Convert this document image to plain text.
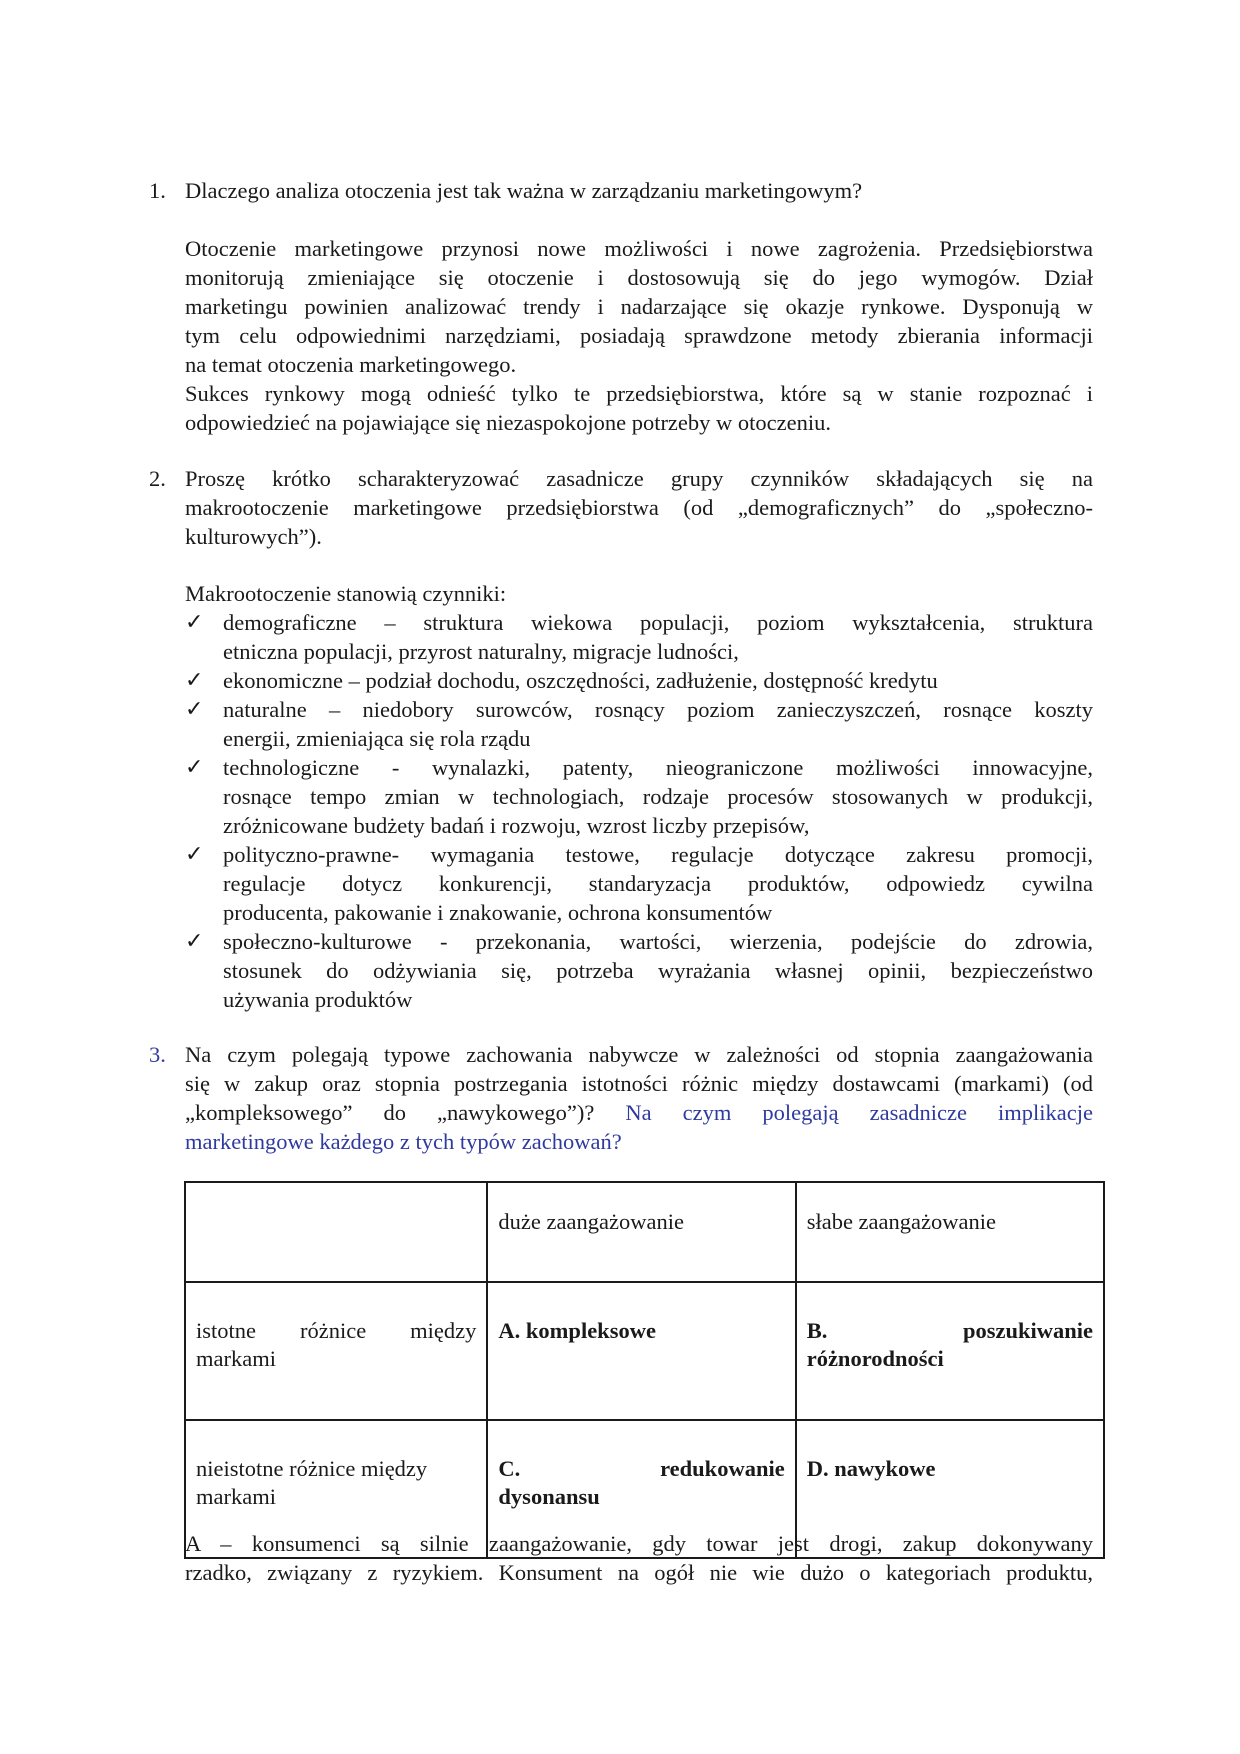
1. Dlaczego analiza otoczenia jest tak ważna w zarządzaniu marketingowym?
Otoczenie marketingowe przynosi nowe możliwości i nowe zagrożenia. Przedsiębiorstwa
monitorują zmieniające się otoczenie i dostosowują się do jego wymogów. Dział
marketingu powinien analizować trendy i nadarzające się okazje rynkowe. Dysponują w
tym celu odpowiednimi narzędziami, posiadają sprawdzone metody zbierania informacji
na temat otoczenia marketingowego.
Sukces rynkowy mogą odnieść tylko te przedsiębiorstwa, które są w stanie rozpoznać i
odpowiedzieć na pojawiające się niezaspokojone potrzeby w otoczeniu.
2. Proszę krótko scharakteryzować zasadnicze grupy czynników składających się na
makrootoczenie marketingowe przedsiębiorstwa (od „demograficznych” do „społeczno-
kulturowych”).
Makrootoczenie stanowią czynniki:
✓ demograficzne – struktura wiekowa populacji, poziom wykształcenia, struktura
etniczna populacji, przyrost naturalny, migracje ludności,
✓ ekonomiczne – podział dochodu, oszczędności, zadłużenie, dostępność kredytu
✓ naturalne – niedobory surowców, rosnący poziom zanieczyszczeń, rosnące koszty
energii, zmieniająca się rola rządu
✓ technologiczne - wynalazki, patenty, nieograniczone możliwości innowacyjne,
rosnące tempo zmian w technologiach, rodzaje procesów stosowanych w produkcji,
zróżnicowane budżety badań i rozwoju, wzrost liczby przepisów,
✓ polityczno-prawne- wymagania testowe, regulacje dotyczące zakresu promocji,
regulacje dotycz konkurencji, standaryzacja produktów, odpowiedz cywilna
producenta, pakowanie i znakowanie, ochrona konsumentów
✓ społeczno-kulturowe - przekonania, wartości, wierzenia, podejście do zdrowia,
stosunek do odżywiania się, potrzeba wyrażania własnej opinii, bezpieczeństwo
używania produktów
3. Na czym polegają typowe zachowania nabywcze w zależności od stopnia zaangażowania
się w zakup oraz stopnia postrzegania istotności różnic między dostawcami (markami) (od
„kompleksowego” do „nawykowego”)? Na czym polegają zasadnicze implikacje
marketingowe każdego z tych typów zachowań?
	duże zaangażowanie	słabe zaangażowanie

istotne różnice między
markami	A. kompleksowe	B. poszukiwanie
różnorodności

nieistotne różnice między
markami	C. redukowanie
dysonansu	D. nawykowe
A – konsumenci są silnie zaangażowanie, gdy towar jest drogi, zakup dokonywany
rzadko, związany z ryzykiem. Konsument na ogół nie wie dużo o kategoriach produktu,
